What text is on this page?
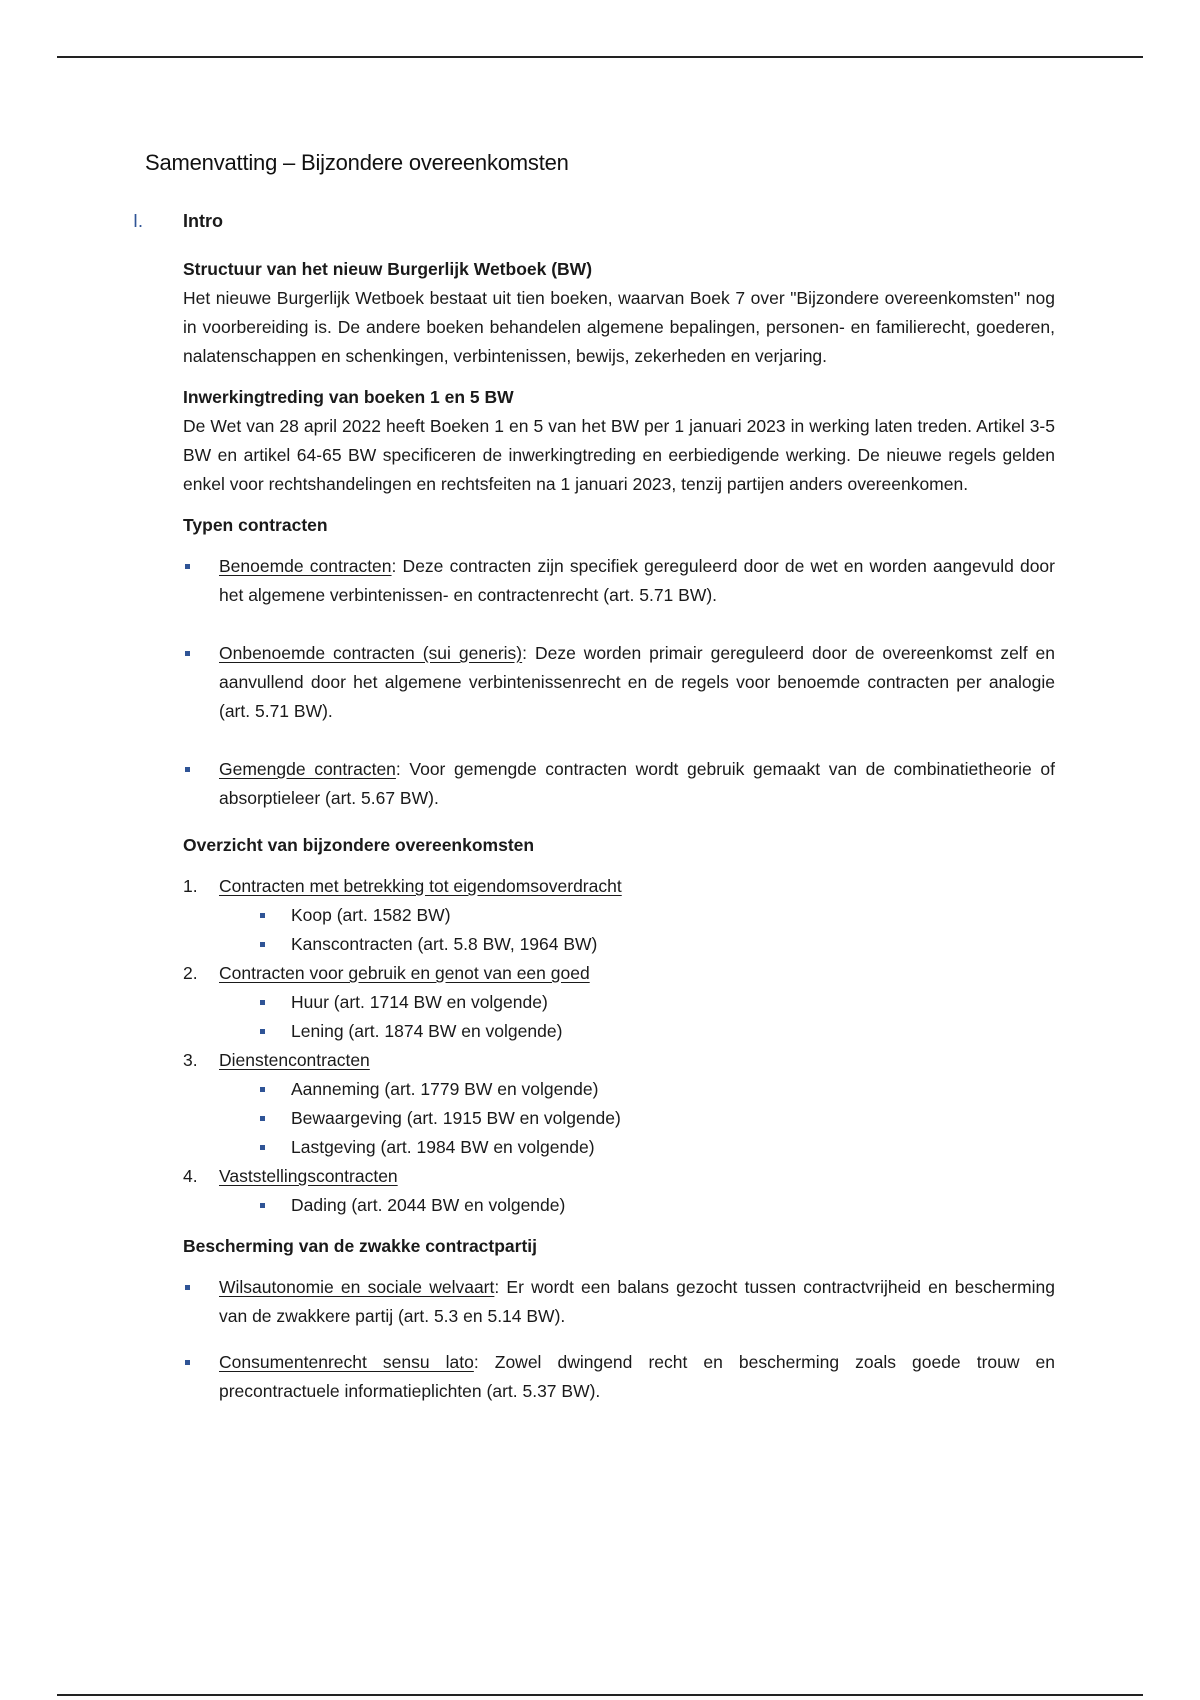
Samenvatting – Bijzondere overeenkomsten
I.	Intro

Structuur van het nieuw Burgerlijk Wetboek (BW)

Het nieuwe Burgerlijk Wetboek bestaat uit tien boeken, waarvan Boek 7 over "Bijzondere overeenkomsten" nog in voorbereiding is. De andere boeken behandelen algemene bepalingen, personen- en familierecht, goederen, nalatenschappen en schenkingen, verbintenissen, bewijs, zekerheden en verjaring.

Inwerkingtreding van boeken 1 en 5 BW

De Wet van 28 april 2022 heeft Boeken 1 en 5 van het BW per 1 januari 2023 in werking laten treden. Artikel 3-5 BW en artikel 64-65 BW specificeren de inwerkingtreding en eerbiedigende werking. De nieuwe regels gelden enkel voor rechtshandelingen en rechtsfeiten na 1 januari 2023, tenzij partijen anders overeenkomen.

Typen contracten

Benoemde contracten: Deze contracten zijn specifiek gereguleerd door de wet en worden aangevuld door het algemene verbintenissen- en contractenrecht (art. 5.71 BW).
Onbenoemde contracten (sui generis): Deze worden primair gereguleerd door de overeenkomst zelf en aanvullend door het algemene verbintenissenrecht en de regels voor benoemde contracten per analogie (art. 5.71 BW).
Gemengde contracten: Voor gemengde contracten wordt gebruik gemaakt van de combinatietheorie of absorptieleer (art. 5.67 BW).

Overzicht van bijzondere overeenkomsten

1. Contracten met betrekking tot eigendomsoverdracht
Koop (art. 1582 BW)
Kanscontracten (art. 5.8 BW, 1964 BW)
2. Contracten voor gebruik en genot van een goed
Huur (art. 1714 BW en volgende)
Lening (art. 1874 BW en volgende)
3. Dienstencontracten
Aanneming (art. 1779 BW en volgende)
Bewaargeving (art. 1915 BW en volgende)
Lastgeving (art. 1984 BW en volgende)
4. Vaststellingscontracten
Dading (art. 2044 BW en volgende)

Bescherming van de zwakke contractpartij

Wilsautonomie en sociale welvaart: Er wordt een balans gezocht tussen contractvrijheid en bescherming van de zwakkere partij (art. 5.3 en 5.14 BW).
Consumentenrecht sensu lato: Zowel dwingend recht en bescherming zoals goede trouw en precontractuele informatieplichten (art. 5.37 BW).
